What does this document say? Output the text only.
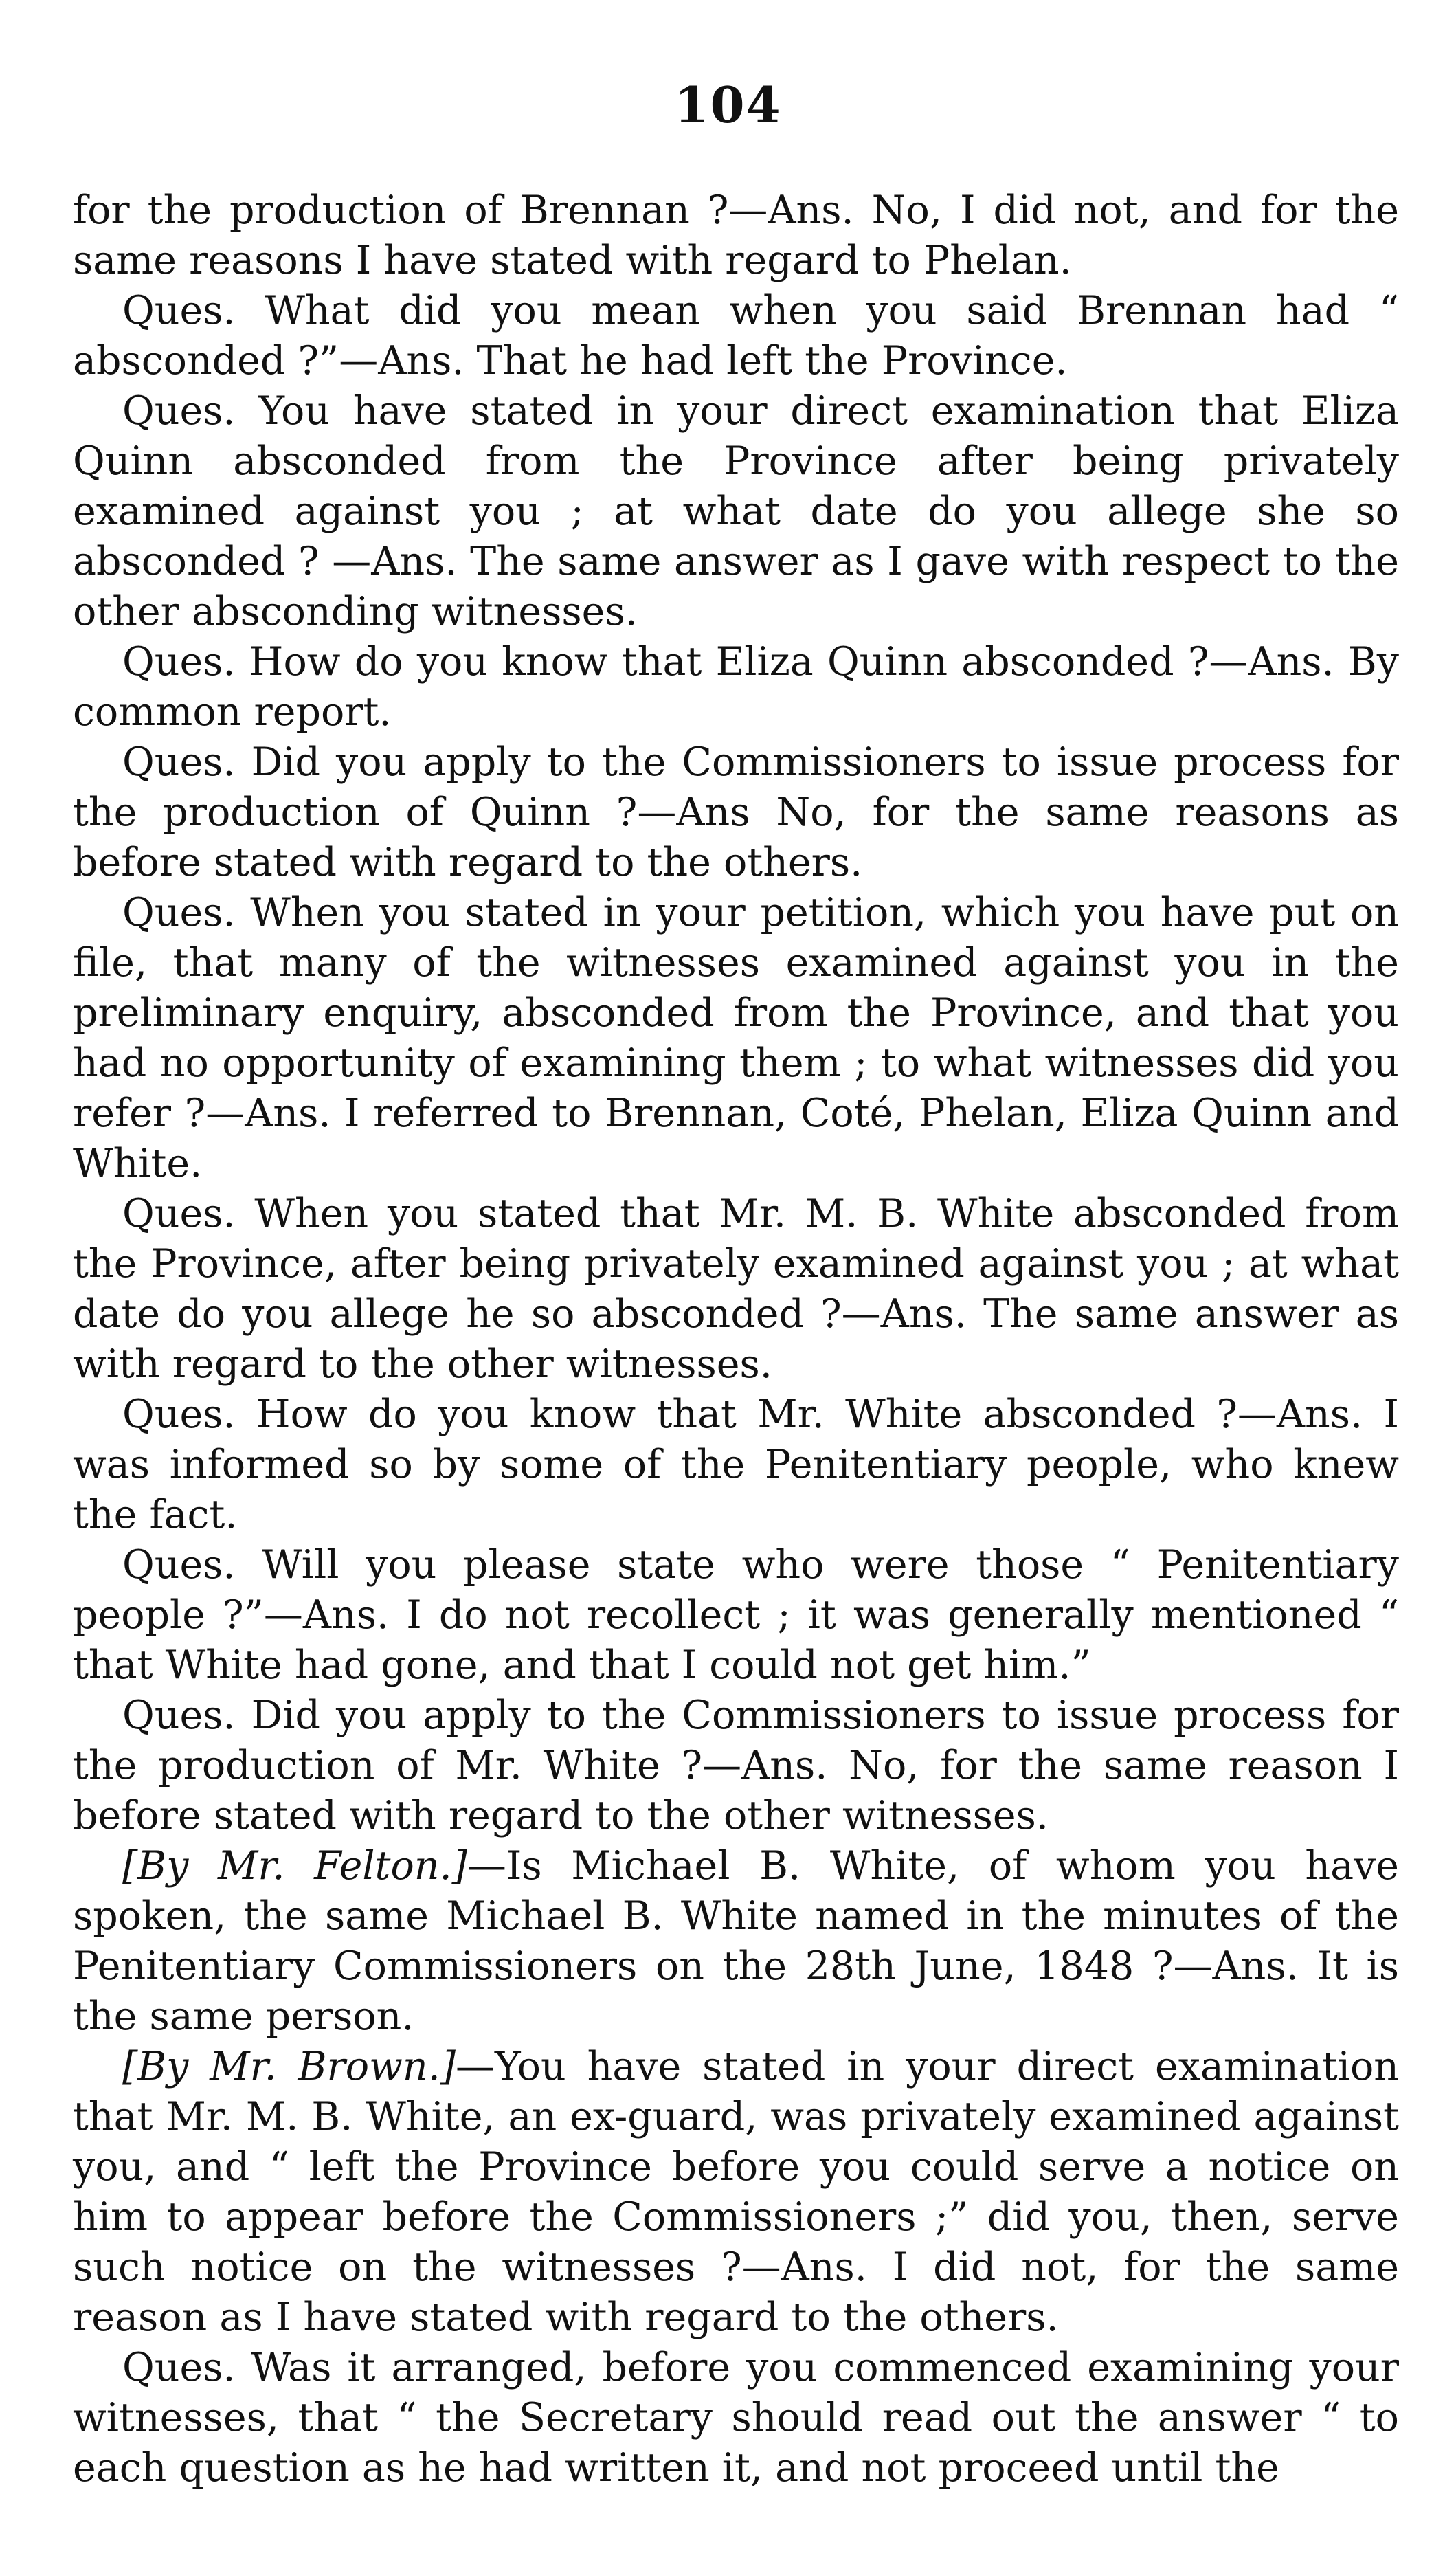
104

for the production of Brennan ?—Ans. No, I did not, and for the same reasons I have stated with regard to Phelan.

Ques. What did you mean when you said Brennan had “ absconded ?”—Ans. That he had left the Province.

Ques. You have stated in your direct examination that Eliza Quinn absconded from the Province after being privately examined against you ; at what date do you allege she so absconded ? —Ans. The same answer as I gave with respect to the other absconding witnesses.

Ques. How do you know that Eliza Quinn absconded ?—Ans. By common report.

Ques. Did you apply to the Commissioners to issue process for the production of Quinn ?—Ans No, for the same reasons as before stated with regard to the others.

Ques. When you stated in your petition, which you have put on file, that many of the witnesses examined against you in the preliminary enquiry, absconded from the Province, and that you had no opportunity of examining them ; to what witnesses did you refer ?—Ans. I referred to Brennan, Coté, Phelan, Eliza Quinn and White.

Ques. When you stated that Mr. M. B. White absconded from the Province, after being privately examined against you ; at what date do you allege he so absconded ?—Ans. The same answer as with regard to the other witnesses.

Ques. How do you know that Mr. White absconded ?—Ans. I was informed so by some of the Penitentiary people, who knew the fact.

Ques. Will you please state who were those “ Penitentiary people ?”—Ans. I do not recollect ; it was generally mentioned “ that White had gone, and that I could not get him.”

Ques. Did you apply to the Commissioners to issue process for the production of Mr. White ?—Ans. No, for the same reason I before stated with regard to the other witnesses.

[By Mr. Felton.]—Is Michael B. White, of whom you have spoken, the same Michael B. White named in the minutes of the Penitentiary Commissioners on the 28th June, 1848 ?—Ans. It is the same person.

[By Mr. Brown.]—You have stated in your direct examination that Mr. M. B. White, an ex-guard, was privately examined against you, and “ left the Province before you could serve a notice on him to appear before the Commissioners ;” did you, then, serve such notice on the witnesses ?—Ans. I did not, for the same reason as I have stated with regard to the others.

Ques. Was it arranged, before you commenced examining your witnesses, that “ the Secretary should read out the answer “ to each question as he had written it, and not proceed until the
